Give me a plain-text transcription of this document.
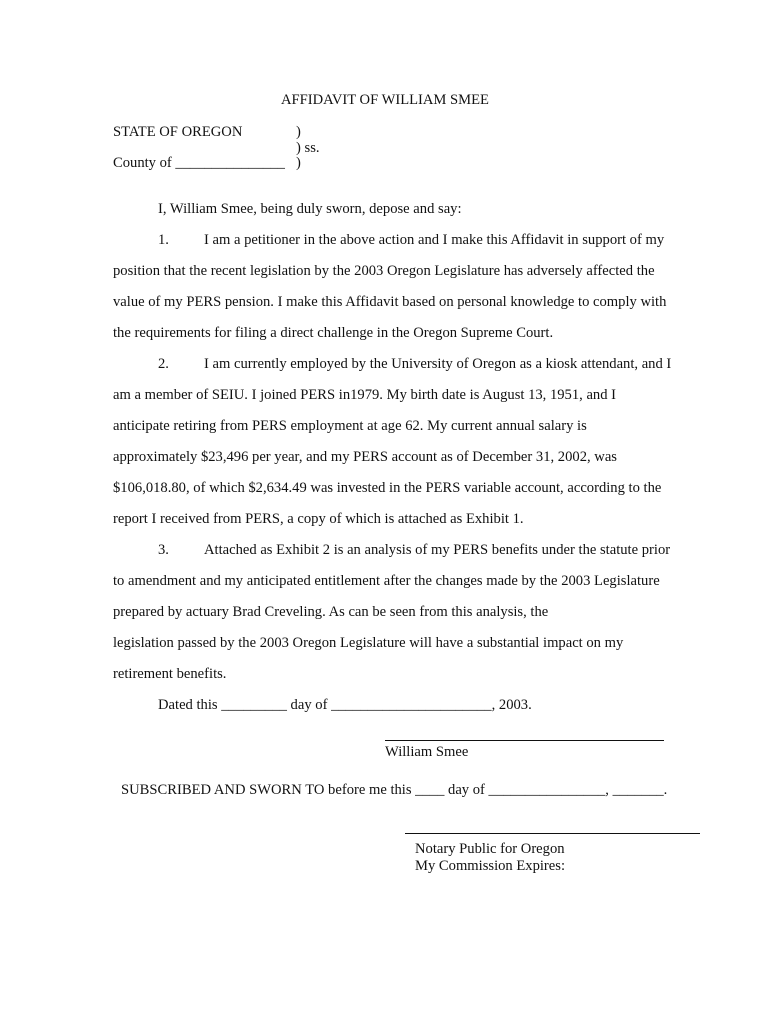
AFFIDAVIT OF WILLIAM SMEE
STATE OF OREGON	)
) ss.
County of _______________ )
I, William Smee, being duly sworn, depose and say:
1. I am a petitioner in the above action and I make this Affidavit in support of my
position that the recent legislation by the 2003 Oregon Legislature has adversely affected the
value of my PERS pension. I make this Affidavit based on personal knowledge to comply with
the requirements for filing a direct challenge in the Oregon Supreme Court.
2. I am currently employed by the University of Oregon as a kiosk attendant, and I
am a member of SEIU. I joined PERS in1979. My birth date is August 13, 1951, and I
anticipate retiring from PERS employment at age 62. My current annual salary is
approximately $23,496 per year, and my PERS account as of December 31, 2002, was
$106,018.80, of which $2,634.49 was invested in the PERS variable account, according to the
report I received from PERS, a copy of which is attached as Exhibit 1.
3. Attached as Exhibit 2 is an analysis of my PERS benefits under the statute prior
to amendment and my anticipated entitlement after the changes made by the 2003 Legislature
prepared by actuary Brad Creveling. As can be seen from this analysis, the
legislation passed by the 2003 Oregon Legislature will have a substantial impact on my
retirement benefits.
Dated this _________ day of ______________________, 2003.
William Smee
SUBSCRIBED AND SWORN TO before me this ____ day of ________________, _______.
Notary Public for Oregon
My Commission Expires:
